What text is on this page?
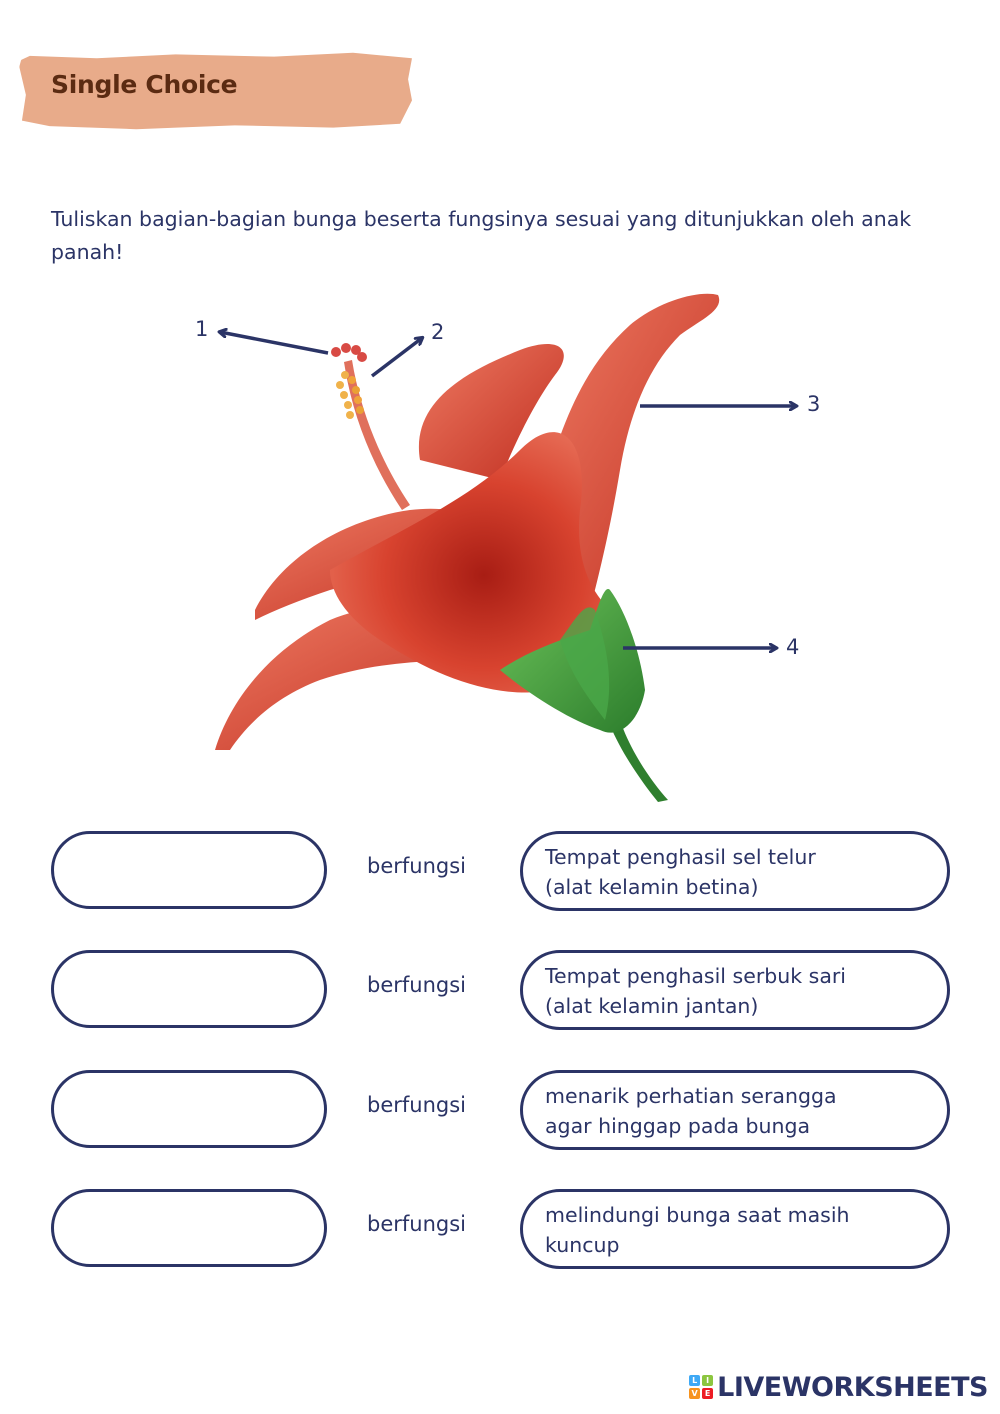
Single Choice
Tuliskan bagian-bagian bunga beserta fungsinya sesuai yang ditunjukkan oleh anak panah!
1	2
3
4
berfungsi	Tempat penghasil sel telur
(alat kelamin betina)
berfungsi	Tempat penghasil serbuk sari
(alat kelamin jantan)
berfungsi	menarik perhatian serangga
agar hinggap pada bunga
berfungsi	melindungi bunga saat masih
kuncup
L	I
V E LIVEWORKSHEETS
